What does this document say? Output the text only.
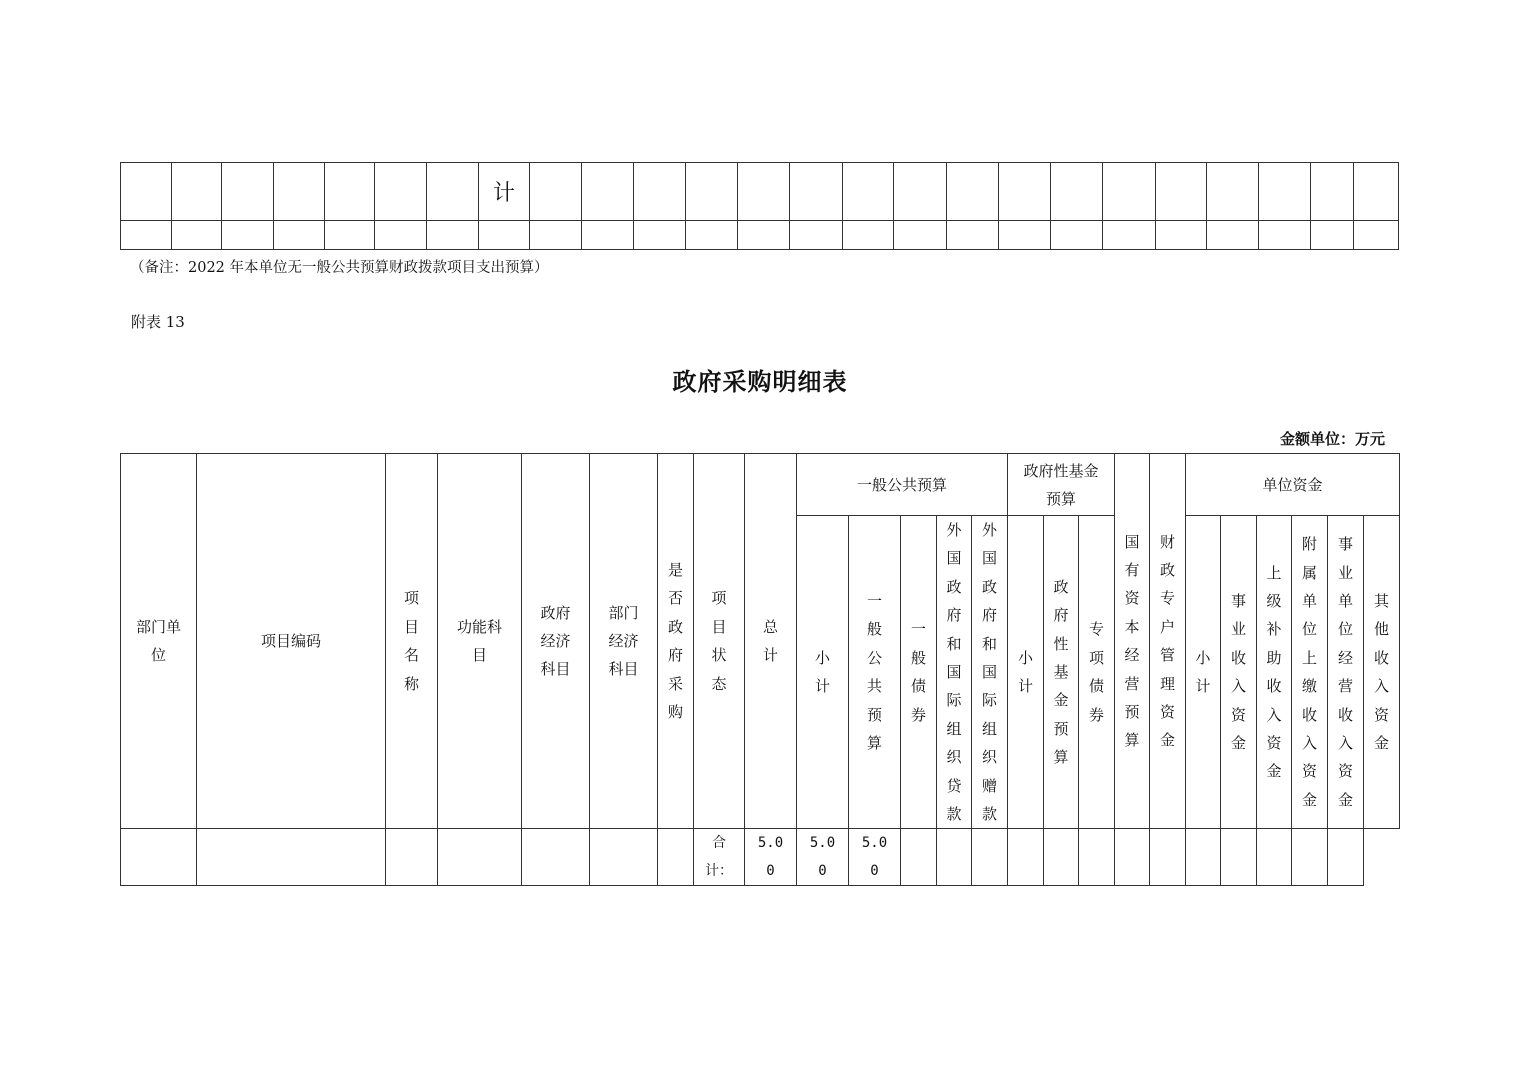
							计																	

（备注：2022 年本单位无一般公共预算财政拨款项目支出预算）
附表 13
政府采购明细表
金额单位：万元
部门单位	项目编码	项目名称	功能科目	政府经济科目	部门经济科目	是否政府采购	项目状态	总计	一般公共预算					政府性基金预算			国有资本经营预算	财政专户管理资金	单位资金					
									小计	一般公共预算	一般债券	外国政府和国际组织贷款	外国政府和国际组织赠款	小计	政府性基金预算	专项债券			小计	事业收入资金	上级补助收入资金	附属单位上缴收入资金	事业单位经营收入资金	其他收入资金
							合计：	5.00	5.00	5.00														
